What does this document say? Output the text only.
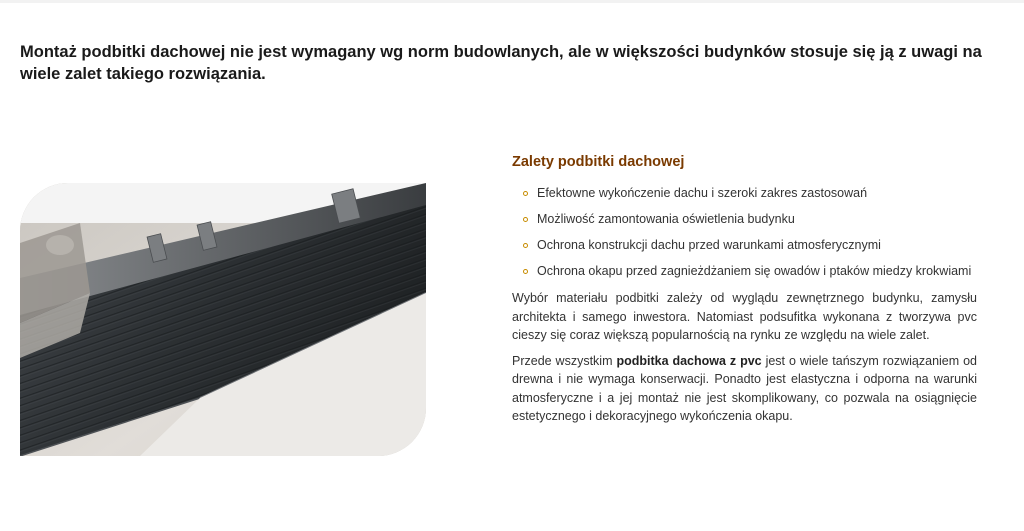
Montaż podbitki dachowej nie jest wymagany wg norm budowlanych, ale w większości budynków stosuje się ją z uwagi na wiele zalet takiego rozwiązania.

Zalety podbitki dachowej
Efektowne wykończenie dachu i szeroki zakres zastosowań
Możliwość zamontowania oświetlenia budynku
Ochrona konstrukcji dachu przed warunkami atmosferycznymi
Ochrona okapu przed zagnieżdżaniem się owadów i ptaków miedzy krokwiami

Wybór materiału podbitki zależy od wyglądu zewnętrznego budynku, zamysłu architekta i samego inwestora. Natomiast podsufitka wykonana z tworzywa pvc cieszy się coraz większą popularnością na rynku ze względu na wiele zalet.

Przede wszystkim podbitka dachowa z pvc jest o wiele tańszym rozwiązaniem od drewna i nie wymaga konserwacji. Ponadto jest elastyczna i odporna na warunki atmosferyczne i a jej montaż nie jest skomplikowany, co pozwala na osiągnięcie estetycznego i dekoracyjnego wykończenia okapu.
